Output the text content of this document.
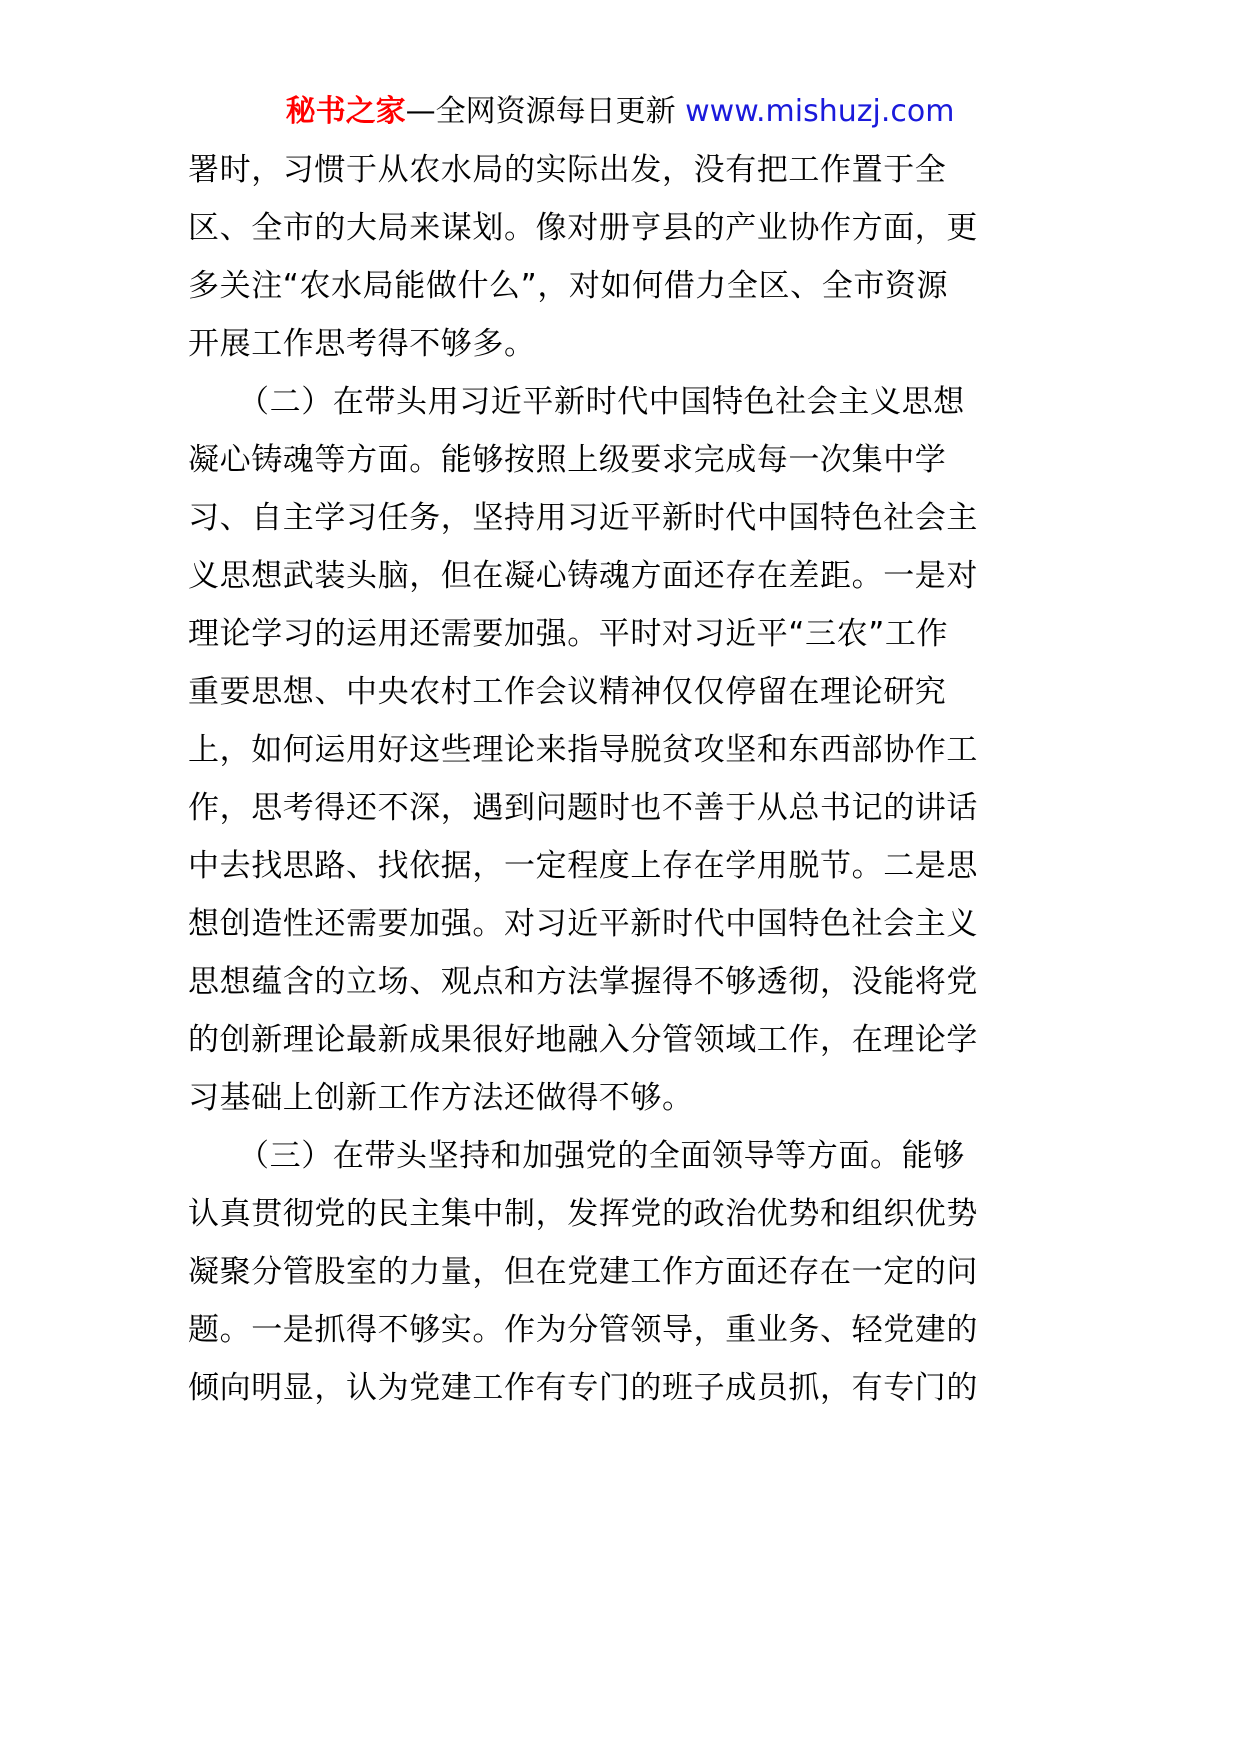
秘书之家—全网资源每日更新 www.mishuzj.com
署时，习惯于从农水局的实际出发，没有把工作置于全
区、全市的大局来谋划。像对册亨县的产业协作方面，更
多关注“农水局能做什么”，对如何借力全区、全市资源
开展工作思考得不够多。
（二）在带头用习近平新时代中国特色社会主义思想
凝心铸魂等方面。能够按照上级要求完成每一次集中学
习、自主学习任务，坚持用习近平新时代中国特色社会主
义思想武装头脑，但在凝心铸魂方面还存在差距。一是对
理论学习的运用还需要加强。平时对习近平“三农”工作
重要思想、中央农村工作会议精神仅仅停留在理论研究
上，如何运用好这些理论来指导脱贫攻坚和东西部协作工
作，思考得还不深，遇到问题时也不善于从总书记的讲话
中去找思路、找依据，一定程度上存在学用脱节。二是思
想创造性还需要加强。对习近平新时代中国特色社会主义
思想蕴含的立场、观点和方法掌握得不够透彻，没能将党
的创新理论最新成果很好地融入分管领域工作，在理论学
习基础上创新工作方法还做得不够。
（三）在带头坚持和加强党的全面领导等方面。能够
认真贯彻党的民主集中制，发挥党的政治优势和组织优势
凝聚分管股室的力量，但在党建工作方面还存在一定的问
题。一是抓得不够实。作为分管领导，重业务、轻党建的
倾向明显，认为党建工作有专门的班子成员抓，有专门的
